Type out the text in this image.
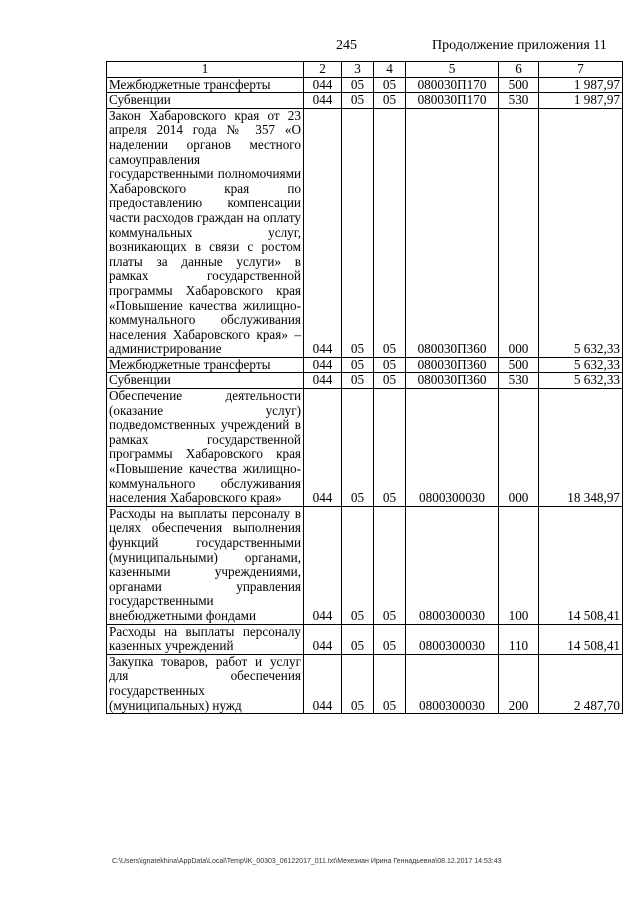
245	Продолжение приложения 11
1	2	3	4	5	6	7
Межбюджетные трансферты	044	05	05	080030П170	500	1 987,97
Субвенции	044	05	05	080030П170	530	1 987,97
Закон Хабаровского края от 23 апреля 2014 года № 357 «О наделении органов местного самоуправления государственными полномочиями Хабаровского края по предоставлению компенсации части расходов граждан на оплату коммунальных услуг, возникающих в связи с ростом платы за данные услуги» в рамках государственной программы Хабаровского края «Повышение качества жилищно-коммунального обслуживания населения Хабаровского края» – администрирование	044	05	05	080030П360	000	5 632,33
Межбюджетные трансферты	044	05	05	080030П360	500	5 632,33
Субвенции	044	05	05	080030П360	530	5 632,33
Обеспечение деятельности (оказание услуг) подведомственных учреждений в рамках государственной программы Хабаровского края «Повышение качества жилищно-коммунального обслуживания населения Хабаровского края»	044	05	05	0800300030	000	18 348,97
Расходы на выплаты персоналу в целях обеспечения выполнения функций государственными (муниципальными) органами, казенными учреждениями, органами управления государственными внебюджетными фондами	044	05	05	0800300030	100	14 508,41
Расходы на выплаты персоналу казенных учреждений	044	05	05	0800300030	110	14 508,41
Закупка товаров, работ и услуг для обеспечения государственных (муниципальных) нужд	044	05	05	0800300030	200	2 487,70
C:\Users\ignatekhina\AppData\Local\Temp\IK_00303_06122017_011.txt\Мехезиан Ирина Геннадьевна\08.12.2017 14:53:43
